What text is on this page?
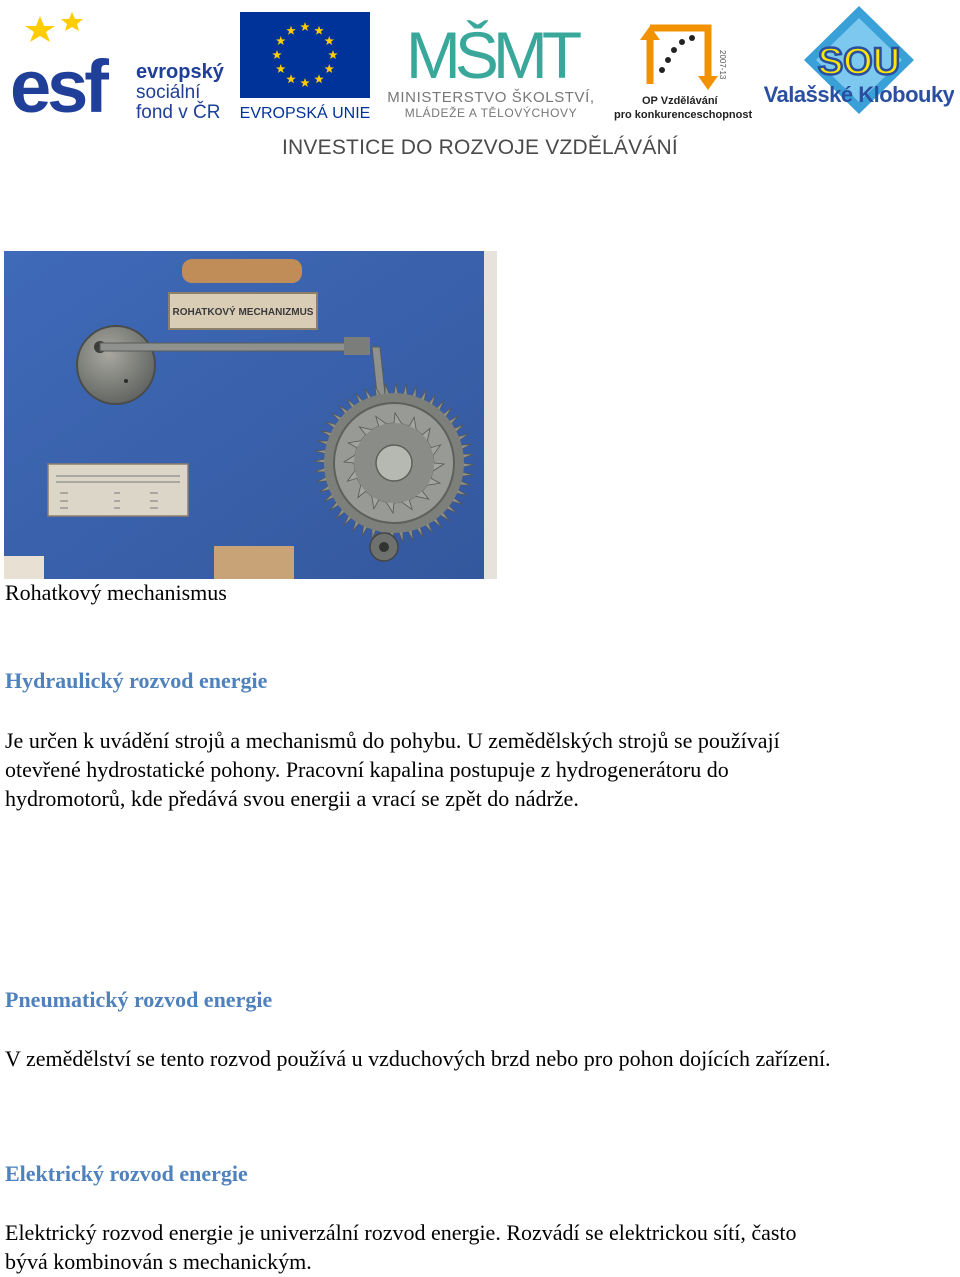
esf evropský
sociální
fond v ČR EVROPSKÁ UNIE
MŠMT
MINISTERSTVO ŠKOLSTVÍ,
MLÁDEŽE A TĚLOVÝCHOVY
2007-13
OP Vzdělávání
pro konkurenceschopnost
SOU
Valašské Klobouky
INVESTICE DO ROZVOJE VZDĚLÁVÁNÍ
ROHATKOVÝ MECHANIZMUS
Rohatkový mechanismus
Hydraulický rozvod energie
Je určen k uvádění strojů a mechanismů do pohybu. U zemědělských strojů se používají
otevřené hydrostatické pohony. Pracovní kapalina postupuje z hydrogenerátoru do
hydromotorů, kde předává svou energii a vrací se zpět do nádrže.
Pneumatický rozvod energie
V zemědělství se tento rozvod používá u vzduchových brzd nebo pro pohon dojících zařízení.
Elektrický rozvod energie
Elektrický rozvod energie je univerzální rozvod energie. Rozvádí se elektrickou sítí, často
bývá kombinován s mechanickým.
